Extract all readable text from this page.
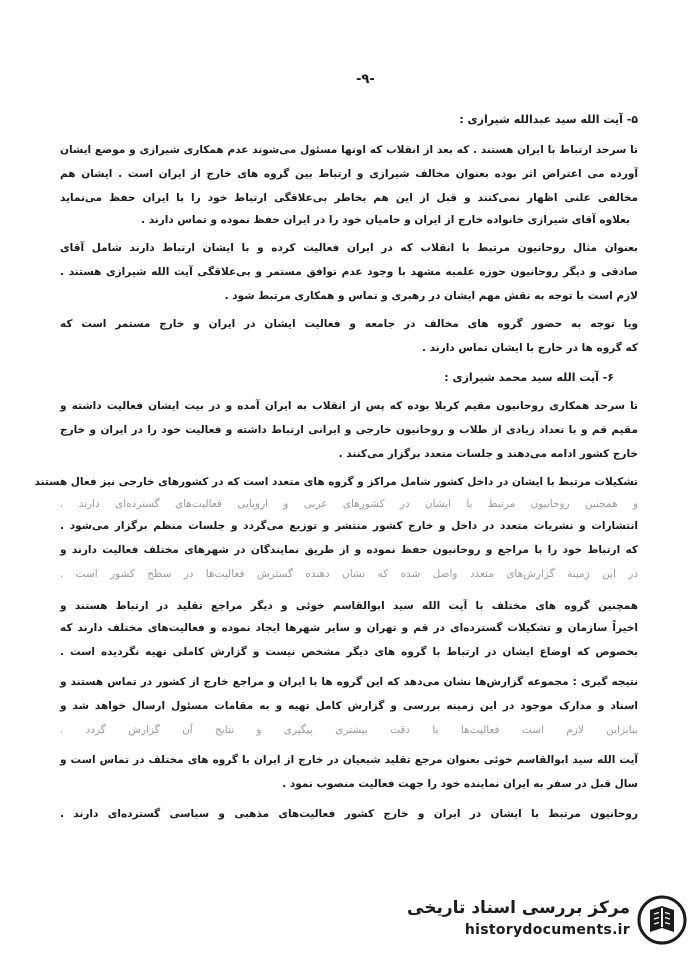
-٩-
۵- آیت الله سید عبدالله شیرازی :
تا سرحد ارتباط با ایران هستند . که بعد از انقلاب که اونها مسئول می‌شوند عدم همکاری شیرازی و موضع ایشان
آورده می اعتراض اثر بوده بعنوان مخالف شیرازی و ارتباط بین گروه های خارج از ایران است . ایشان هم
مخالفی علنی اظهار نمی‌کنند و قبل از این هم بخاطر بی‌علاقگی ارتباط خود را با ایران حفظ می‌نماید
بعلاوه آقای شیرازی خانواده خارج از ایران و حامیان خود را در ایران حفظ نموده و تماس دارند .
بعنوان مثال روحانیون مرتبط با انقلاب که در ایران فعالیت کرده و با ایشان ارتباط دارند شامل آقای
صادقی و دیگر روحانیون حوزه علمیه مشهد با وجود عدم توافق مستمر و بی‌علاقگی آیت الله شیرازی هستند .
لازم است با توجه به نقش مهم ایشان در رهبری و تماس و همکاری مرتبط شود .
ویا توجه به حضور گروه های مخالف در جامعه و فعالیت ایشان در ایران و خارج مستمر است که
که گروه ها در خارج با ایشان تماس دارند .
۶- آیت الله سید محمد شیرازی :
تا سرحد همکاری روحانیون مقیم کربلا بوده که پس از انقلاب به ایران آمده و در بیت ایشان فعالیت داشته و
مقیم قم و با تعداد زیادی از طلاب و روحانیون خارجی و ایرانی ارتباط داشته و فعالیت خود را در ایران و خارج
خارج کشور ادامه می‌دهند و جلسات متعدد برگزار می‌کنند .
تشکیلات مرتبط با ایشان در داخل کشور شامل مراکز و گروه های متعدد است که در کشورهای خارجی نیز فعال هستند
و همچنین روحانیون مرتبط با ایشان در کشورهای عربی و اروپایی فعالیت‌های گسترده‌ای دارند .
انتشارات و نشریات متعدد در داخل و خارج کشور منتشر و توزیع می‌گردد و جلسات منظم برگزار می‌شود .
که ارتباط خود را با مراجع و روحانیون حفظ نموده و از طریق نمایندگان در شهرهای مختلف فعالیت دارند و
در این زمینه گزارش‌های متعدد واصل شده که نشان دهنده گسترش فعالیت‌ها در سطح کشور است .
همچنین گروه های مختلف با آیت الله سید ابوالقاسم خوئی و دیگر مراجع تقلید در ارتباط هستند و
اخیراً سازمان و تشکیلات گسترده‌ای در قم و تهران و سایر شهرها ایجاد نموده و فعالیت‌های مختلف دارند که
بخصوص که اوضاع ایشان در ارتباط با گروه های دیگر مشخص نیست و گزارش کاملی تهیه نگردیده است .
نتیجه گیری : مجموعه گزارش‌ها نشان می‌دهد که این گروه ها با ایران و مراجع خارج از کشور در تماس هستند و
اسناد و مدارک موجود در این زمینه بررسی و گزارش کامل تهیه و به مقامات مسئول ارسال خواهد شد و
بنابراین لازم است فعالیت‌ها با دقت بیشتری پیگیری و نتایج آن گزارش گردد .
آیت الله سید ابوالقاسم خوئی بعنوان مرجع تقلید شیعیان در خارج از ایران با گروه های مختلف در تماس است و
سال قبل در سفر به ایران نماینده خود را جهت فعالیت منصوب نمود .
روحانیون مرتبط با ایشان در ایران و خارج کشور فعالیت‌های مذهبی و سیاسی گسترده‌ای دارند .
مرکز بررسی اسناد تاریخی
historydocuments.ir
